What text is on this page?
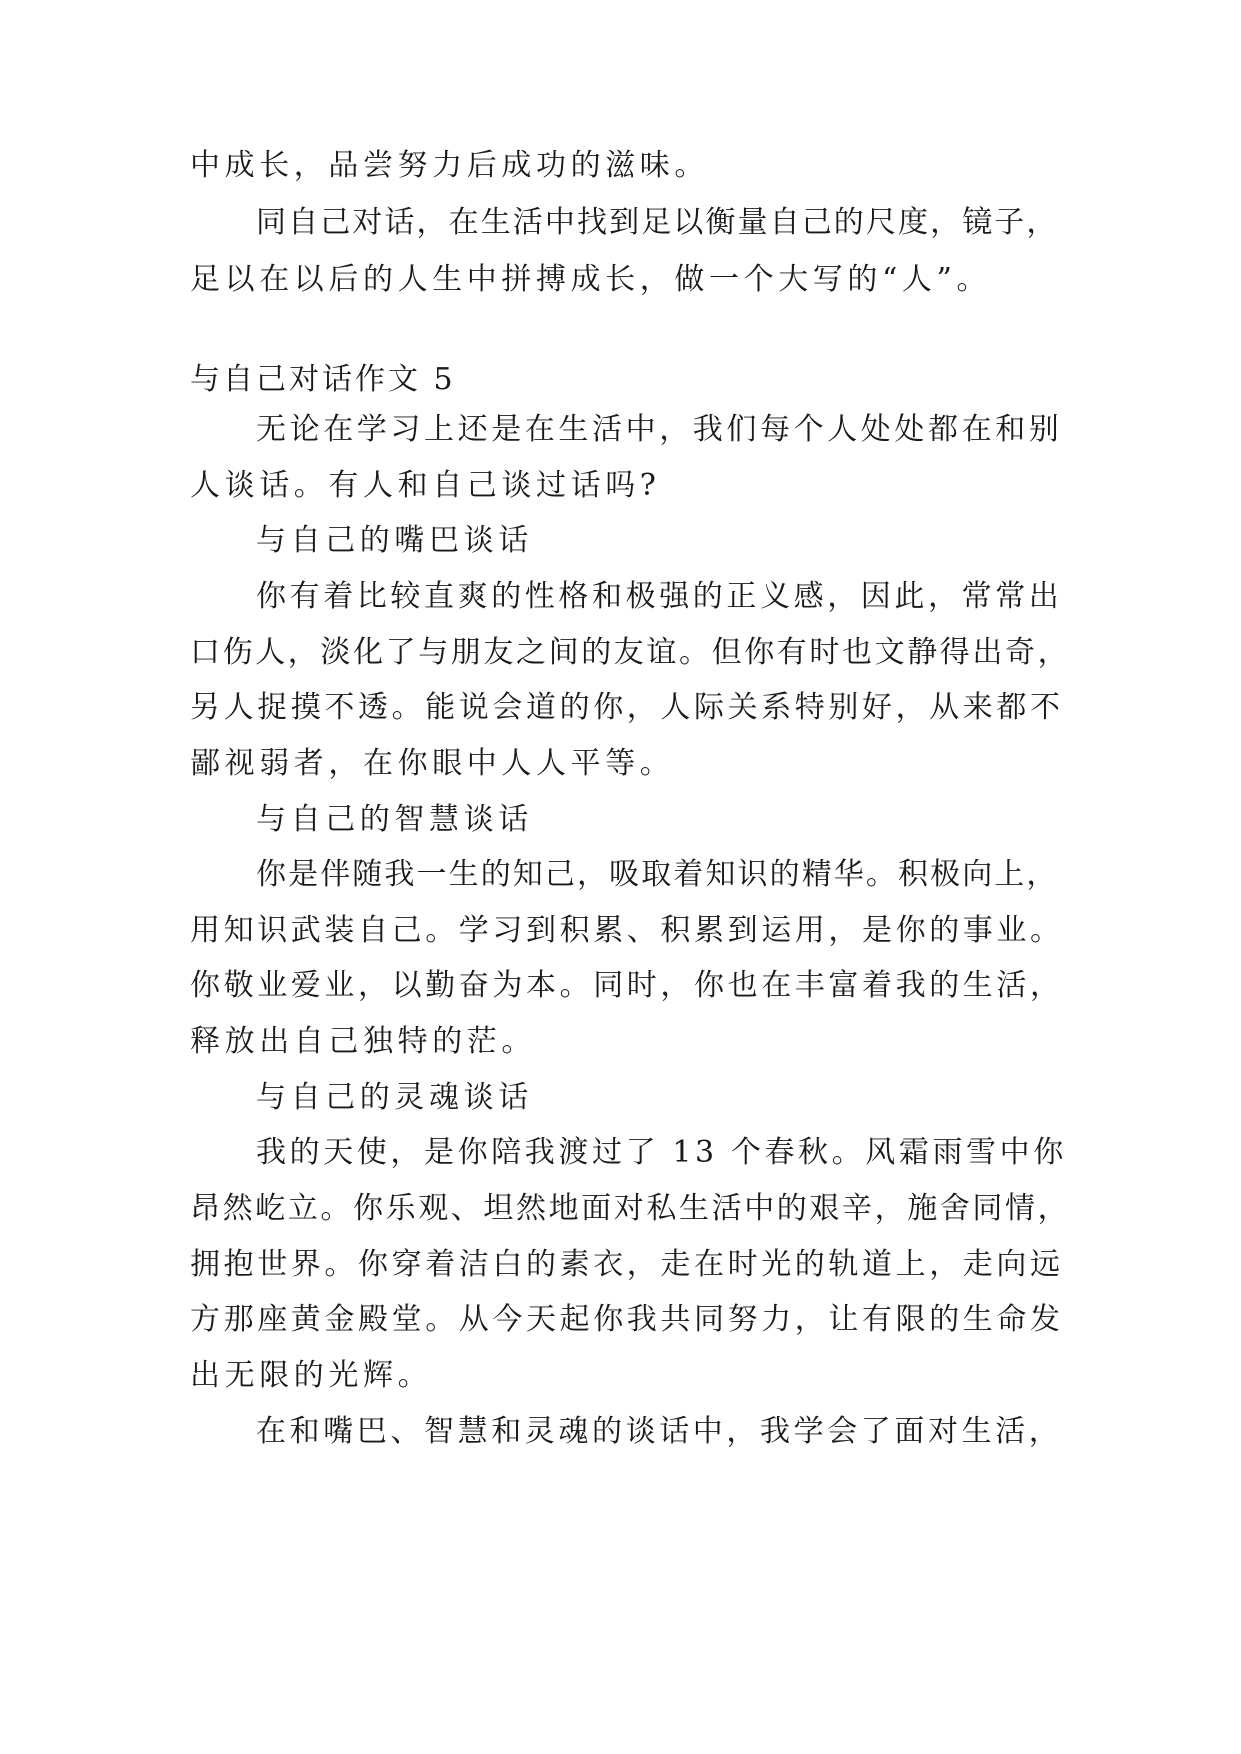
中成长，品尝努力后成功的滋味。
同自己对话，在生活中找到足以衡量自己的尺度，镜子，
足以在以后的人生中拼搏成长，做一个大写的“人”。
与自己对话作文 5
无论在学习上还是在生活中，我们每个人处处都在和别
人谈话。有人和自己谈过话吗?
与自己的嘴巴谈话
你有着比较直爽的性格和极强的正义感，因此，常常出
口伤人，淡化了与朋友之间的友谊。但你有时也文静得出奇，
另人捉摸不透。能说会道的你，人际关系特别好，从来都不
鄙视弱者，在你眼中人人平等。
与自己的智慧谈话
你是伴随我一生的知己，吸取着知识的精华。积极向上，
用知识武装自己。学习到积累、积累到运用，是你的事业。
你敬业爱业，以勤奋为本。同时，你也在丰富着我的生活，
释放出自己独特的茫。
与自己的灵魂谈话
我的天使，是你陪我渡过了 13 个春秋。风霜雨雪中你
昂然屹立。你乐观、坦然地面对私生活中的艰辛，施舍同情，
拥抱世界。你穿着洁白的素衣，走在时光的轨道上，走向远
方那座黄金殿堂。从今天起你我共同努力，让有限的生命发
出无限的光辉。
在和嘴巴、智慧和灵魂的谈话中，我学会了面对生活，
